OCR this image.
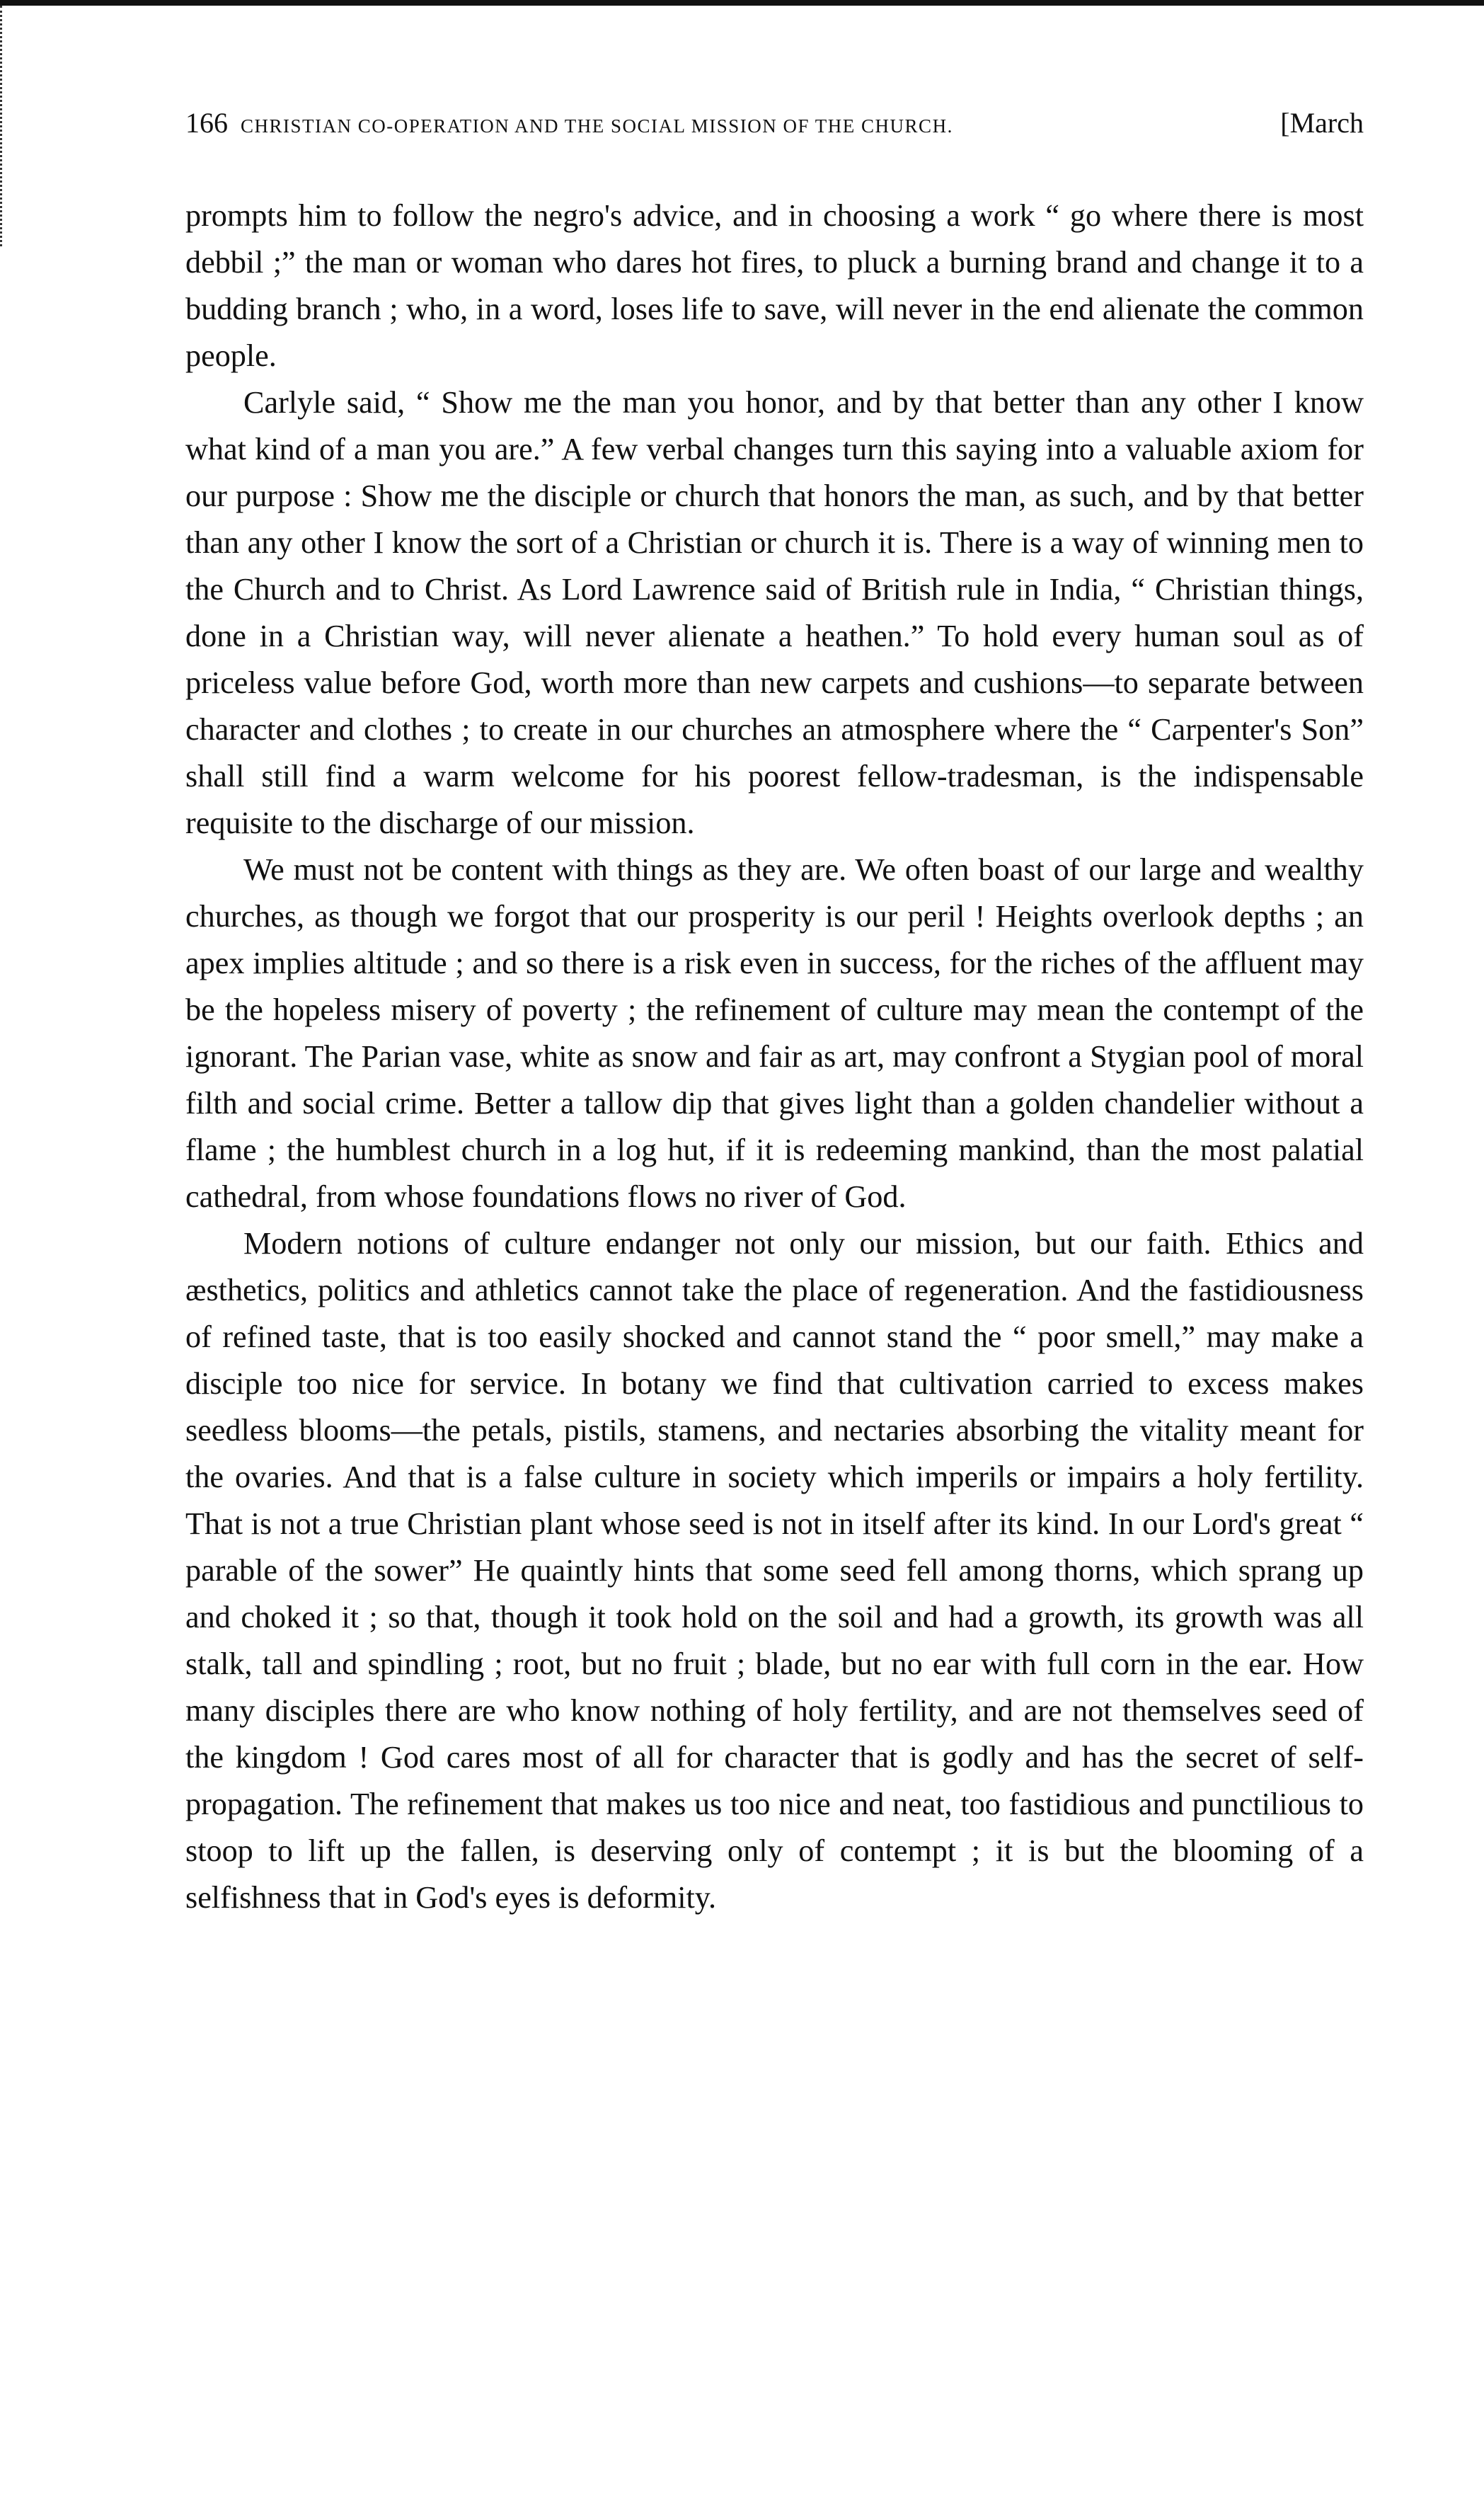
166 CHRISTIAN CO-OPERATION AND THE SOCIAL MISSION OF THE CHURCH.	[March

prompts him to follow the negro's advice, and in choosing a work “ go where there is most debbil ;” the man or woman who dares hot fires, to pluck a burning brand and change it to a budding branch ; who, in a word, loses life to save, will never in the end alienate the common people.

Carlyle said, “ Show me the man you honor, and by that better than any other I know what kind of a man you are.” A few verbal changes turn this saying into a valuable axiom for our purpose : Show me the disciple or church that honors the man, as such, and by that better than any other I know the sort of a Christian or church it is. There is a way of winning men to the Church and to Christ. As Lord Lawrence said of British rule in India, “ Christian things, done in a Christian way, will never alienate a heathen.” To hold every human soul as of priceless value before God, worth more than new carpets and cushions—to separate between character and clothes ; to create in our churches an atmosphere where the “ Carpenter's Son” shall still find a warm welcome for his poorest fellow-tradesman, is the indispensable requisite to the discharge of our mission.

We must not be content with things as they are. We often boast of our large and wealthy churches, as though we forgot that our prosperity is our peril ! Heights overlook depths ; an apex implies altitude ; and so there is a risk even in success, for the riches of the affluent may be the hopeless misery of poverty ; the refinement of culture may mean the contempt of the ignorant. The Parian vase, white as snow and fair as art, may confront a Stygian pool of moral filth and social crime. Better a tallow dip that gives light than a golden chandelier without a flame ; the humblest church in a log hut, if it is redeeming mankind, than the most palatial cathedral, from whose foundations flows no river of God.

Modern notions of culture endanger not only our mission, but our faith. Ethics and æsthetics, politics and athletics cannot take the place of regeneration. And the fastidiousness of refined taste, that is too easily shocked and cannot stand the “ poor smell,” may make a disciple too nice for service. In botany we find that cultivation carried to excess makes seedless blooms—the petals, pistils, stamens, and nectaries absorbing the vitality meant for the ovaries. And that is a false culture in society which imperils or impairs a holy fertility. That is not a true Christian plant whose seed is not in itself after its kind. In our Lord's great “ parable of the sower” He quaintly hints that some seed fell among thorns, which sprang up and choked it ; so that, though it took hold on the soil and had a growth, its growth was all stalk, tall and spindling ; root, but no fruit ; blade, but no ear with full corn in the ear. How many disciples there are who know nothing of holy fertility, and are not themselves seed of the kingdom ! God cares most of all for character that is godly and has the secret of self-propagation. The refinement that makes us too nice and neat, too fastidious and punctilious to stoop to lift up the fallen, is deserving only of contempt ; it is but the blooming of a selfishness that in God's eyes is deformity.
